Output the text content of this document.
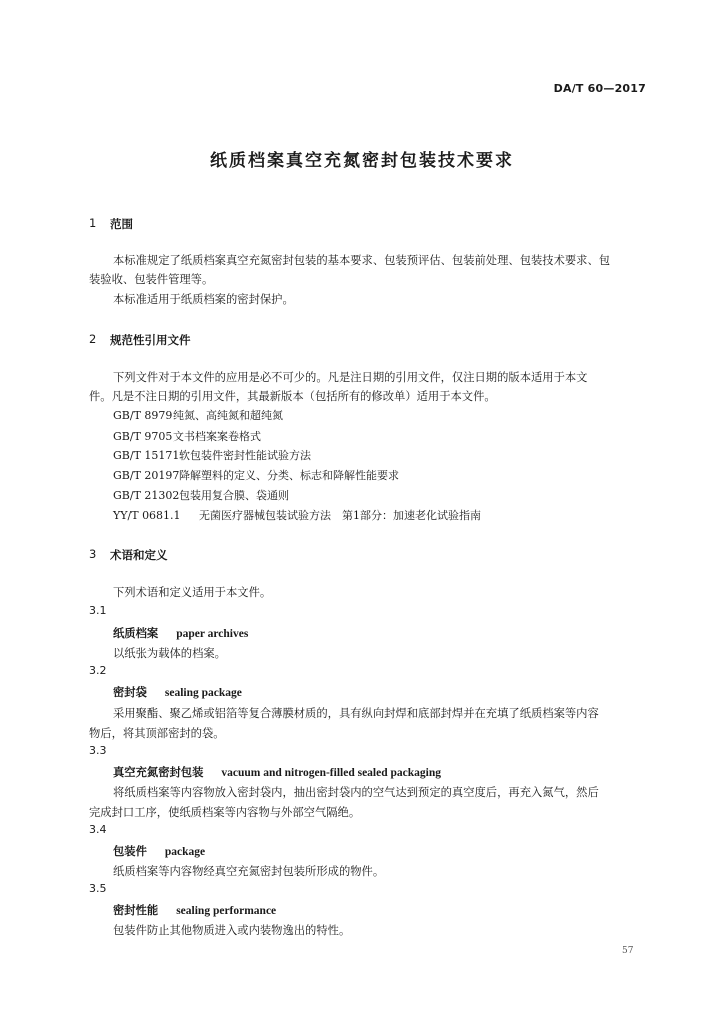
DA/T 60—2017
纸质档案真空充氮密封包装技术要求
1 范围
本标准规定了纸质档案真空充氮密封包装的基本要求、包装预评估、包装前处理、包装技术要求、包
装验收、包装件管理等。
本标准适用于纸质档案的密封保护。
2 规范性引用文件
下列文件对于本文件的应用是必不可少的。凡是注日期的引用文件，仅注日期的版本适用于本文
件。凡是不注日期的引用文件，其最新版本（包括所有的修改单）适用于本文件。
GB/T 8979纯氮、高纯氮和超纯氮
GB/T 9705文书档案案卷格式
GB/T 15171软包装件密封性能试验方法
GB/T 20197降解塑料的定义、分类、标志和降解性能要求
GB/T 21302包装用复合膜、袋通则
YY/T 0681.1 无菌医疗器械包装试验方法　第1部分：加速老化试验指南
3 术语和定义
下列术语和定义适用于本文件。
3.1
纸质档案 paper archives
以纸张为载体的档案。
3.2
密封袋 sealing package
采用聚酯、聚乙烯或铝箔等复合薄膜材质的，具有纵向封焊和底部封焊并在充填了纸质档案等内容
物后，将其顶部密封的袋。
3.3
真空充氮密封包装 vacuum and nitrogen-filled sealed packaging
将纸质档案等内容物放入密封袋内，抽出密封袋内的空气达到预定的真空度后，再充入氮气，然后
完成封口工序，使纸质档案等内容物与外部空气隔绝。
3.4
包装件 package
纸质档案等内容物经真空充氮密封包装所形成的物件。
3.5
密封性能 sealing performance
包装件防止其他物质进入或内装物逸出的特性。
57
